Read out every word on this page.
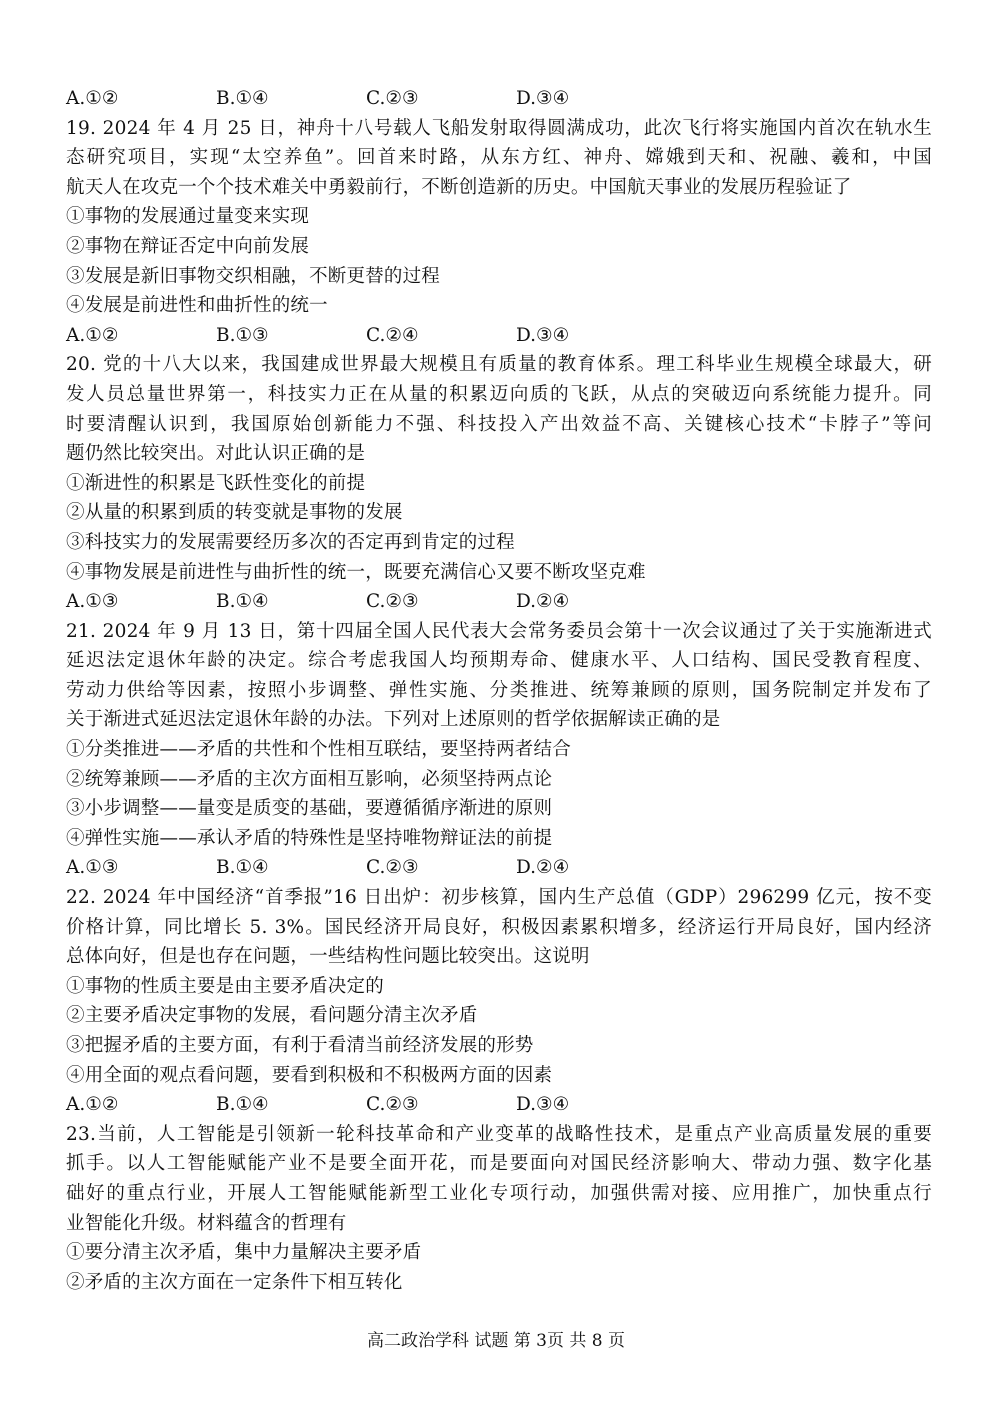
A.①②	B.①④	C.②③	D.③④
19. 2024 年 4 月 25 日，神舟十八号载人飞船发射取得圆满成功，此次飞行将实施国内首次在轨水生
态研究项目，实现“太空养鱼”。回首来时路，从东方红、神舟、嫦娥到天和、祝融、羲和，中国
航天人在攻克一个个技术难关中勇毅前行，不断创造新的历史。中国航天事业的发展历程验证了
①事物的发展通过量变来实现
②事物在辩证否定中向前发展
③发展是新旧事物交织相融，不断更替的过程
④发展是前进性和曲折性的统一
A.①②	B.①③	C.②④	D.③④
20. 党的十八大以来，我国建成世界最大规模且有质量的教育体系。理工科毕业生规模全球最大，研
发人员总量世界第一，科技实力正在从量的积累迈向质的飞跃，从点的突破迈向系统能力提升。同
时要清醒认识到，我国原始创新能力不强、科技投入产出效益不高、关键核心技术“卡脖子”等问
题仍然比较突出。对此认识正确的是
①渐进性的积累是飞跃性变化的前提
②从量的积累到质的转变就是事物的发展
③科技实力的发展需要经历多次的否定再到肯定的过程
④事物发展是前进性与曲折性的统一，既要充满信心又要不断攻坚克难
A.①③	B.①④	C.②③	D.②④
21. 2024 年 9 月 13 日，第十四届全国人民代表大会常务委员会第十一次会议通过了关于实施渐进式
延迟法定退休年龄的决定。综合考虑我国人均预期寿命、健康水平、人口结构、国民受教育程度、
劳动力供给等因素，按照小步调整、弹性实施、分类推进、统筹兼顾的原则，国务院制定并发布了
关于渐进式延迟法定退休年龄的办法。下列对上述原则的哲学依据解读正确的是
①分类推进——矛盾的共性和个性相互联结，要坚持两者结合
②统筹兼顾——矛盾的主次方面相互影响，必须坚持两点论
③小步调整——量变是质变的基础，要遵循循序渐进的原则
④弹性实施——承认矛盾的特殊性是坚持唯物辩证法的前提
A.①③	B.①④	C.②③	D.②④
22. 2024 年中国经济“首季报”16 日出炉：初步核算，国内生产总值（GDP）296299 亿元，按不变
价格计算，同比增长 5. 3%。国民经济开局良好，积极因素累积增多，经济运行开局良好，国内经济
总体向好，但是也存在问题，一些结构性问题比较突出。这说明
①事物的性质主要是由主要矛盾决定的
②主要矛盾决定事物的发展，看问题分清主次矛盾
③把握矛盾的主要方面，有利于看清当前经济发展的形势
④用全面的观点看问题，要看到积极和不积极两方面的因素
A.①②	B.①④	C.②③	D.③④
23.当前，人工智能是引领新一轮科技革命和产业变革的战略性技术，是重点产业高质量发展的重要
抓手。以人工智能赋能产业不是要全面开花，而是要面向对国民经济影响大、带动力强、数字化基
础好的重点行业，开展人工智能赋能新型工业化专项行动，加强供需对接、应用推广，加快重点行
业智能化升级。材料蕴含的哲理有
①要分清主次矛盾，集中力量解决主要矛盾
②矛盾的主次方面在一定条件下相互转化
高二政治学科 试题 第 3页 共 8 页
